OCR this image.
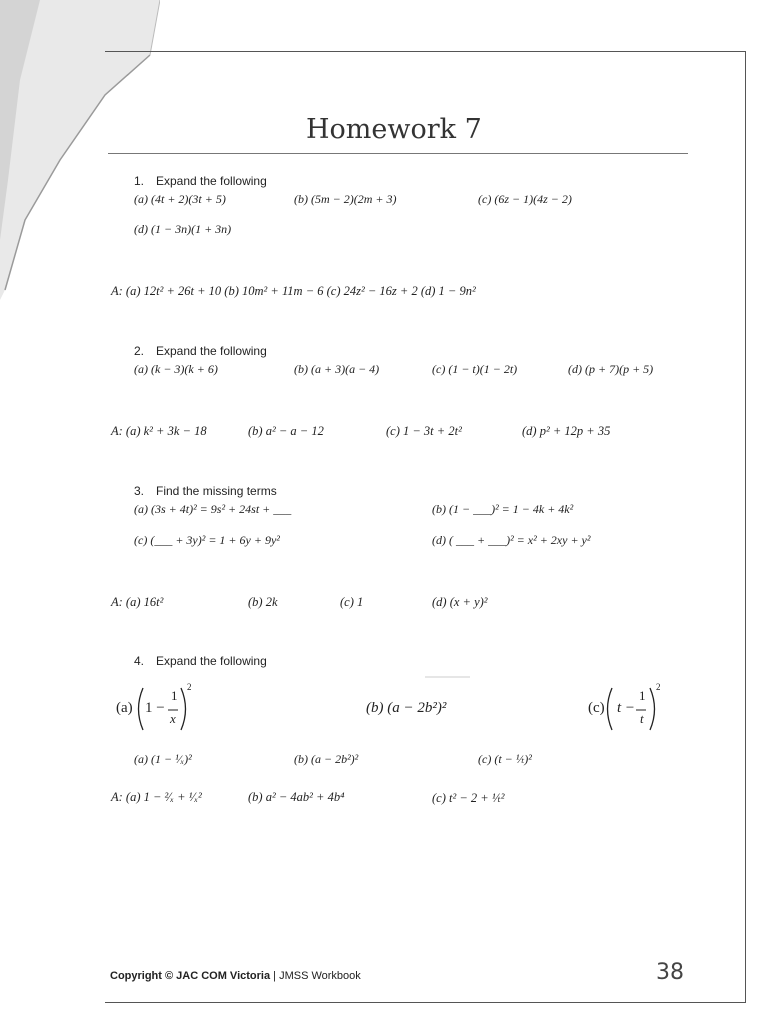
Homework 7
1. Expand the following
(a) (4t + 2)(3t + 5)	(b) (5m − 2)(2m + 3)	(c) (6z − 1)(4z − 2)
(d) (1 − 3n)(1 + 3n)
A: (a) 12t² + 26t + 10 (b) 10m² + 11m − 6 (c) 24z² − 16z + 2 (d) 1 − 9n²
2. Expand the following
(a) (k − 3)(k + 6)	(b) (a + 3)(a − 4)	(c) (1 − t)(1 − 2t)	(d) (p + 7)(p + 5)
A: (a) k² + 3k − 18	(b) a² − a − 12	(c) 1 − 3t + 2t²	(d) p² + 12p + 35
3. Find the missing terms
(a) (3s + 4t)² = 9s² + 24st + ___	(b) (1 − ___)² = 1 − 4k + 4k²
(c) (___ + 3y)² = 1 + 6y + 9y²	(d) ( ___ + ___)² = x² + 2xy + y²
A: (a) 16t²	(b) 2k	(c) 1	(d) (x + y)²
4. Expand the following
(a) 1 −
1
x
2
(b) (a − 2b²)²	(c) t −
1
t
2
(a) (1 − ¹⁄ₓ)²	(b) (a − 2b²)²	(c) (t − ¹⁄ₜ)²
A: (a) 1 − ²⁄ₓ + ¹⁄ₓ²	(b) a² − 4ab² + 4b⁴	(c) t² − 2 + ¹⁄ₜ²
Copyright © JAC COM Victoria | JMSS Workbook	38
